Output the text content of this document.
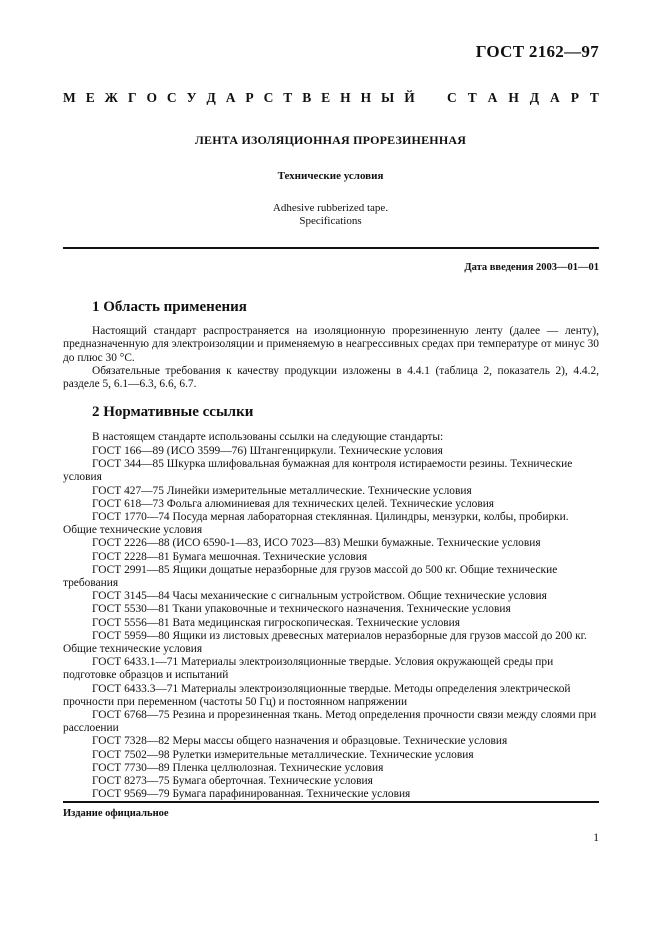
ГОСТ 2162—97
М Е Ж Г О С У Д А Р С Т В Е Н Н Ы Й С Т А Н Д А Р Т
ЛЕНТА ИЗОЛЯЦИОННАЯ ПРОРЕЗИНЕННАЯ
Технические условия
Adhesive rubberized tape.
Specifications
Дата введения 2003—01—01
1 Область применения
Настоящий стандарт распространяется на изоляционную прорезиненную ленту (далее — ленту), предназначенную для электроизоляции и применяемую в неагрессивных средах при температуре от минус 30 до плюс 30 °С.
Обязательные требования к качеству продукции изложены в 4.4.1 (таблица 2, показатель 2), 4.4.2, разделе 5, 6.1—6.3, 6.6, 6.7.
2 Нормативные ссылки
В настоящем стандарте использованы ссылки на следующие стандарты:
ГОСТ 166—89 (ИСО 3599—76) Штангенциркули. Технические условия
ГОСТ 344—85 Шкурка шлифовальная бумажная для контроля истираемости резины. Технические условия
ГОСТ 427—75 Линейки измерительные металлические. Технические условия
ГОСТ 618—73 Фольга алюминиевая для технических целей. Технические условия
ГОСТ 1770—74 Посуда мерная лабораторная стеклянная. Цилиндры, мензурки, колбы, пробирки. Общие технические условия
ГОСТ 2226—88 (ИСО 6590-1—83, ИСО 7023—83) Мешки бумажные. Технические условия
ГОСТ 2228—81 Бумага мешочная. Технические условия
ГОСТ 2991—85 Ящики дощатые неразборные для грузов массой до 500 кг. Общие технические требования
ГОСТ 3145—84 Часы механические с сигнальным устройством. Общие технические условия
ГОСТ 5530—81 Ткани упаковочные и технического назначения. Технические условия
ГОСТ 5556—81 Вата медицинская гигроскопическая. Технические условия
ГОСТ 5959—80 Ящики из листовых древесных материалов неразборные для грузов массой до 200 кг. Общие технические условия
ГОСТ 6433.1—71 Материалы электроизоляционные твердые. Условия окружающей среды при подготовке образцов и испытаний
ГОСТ 6433.3—71 Материалы электроизоляционные твердые. Методы определения электрической прочности при переменном (частоты 50 Гц) и постоянном напряжении
ГОСТ 6768—75 Резина и прорезиненная ткань. Метод определения прочности связи между слоями при расслоении
ГОСТ 7328—82 Меры массы общего назначения и образцовые. Технические условия
ГОСТ 7502—98 Рулетки измерительные металлические. Технические условия
ГОСТ 7730—89 Пленка целлюлозная. Технические условия
ГОСТ 8273—75 Бумага оберточная. Технические условия
ГОСТ 9569—79 Бумага парафинированная. Технические условия
Издание официальное
1
